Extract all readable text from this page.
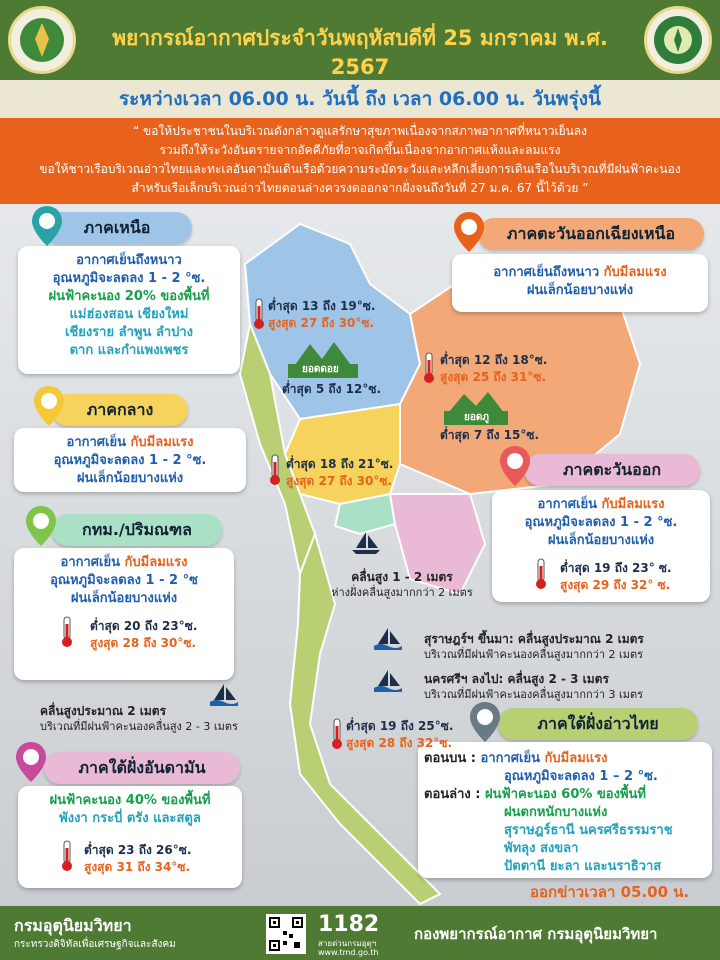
พยากรณ์อากาศประจำวันพฤหัสบดีที่ 25 มกราคม พ.ศ. 2567
ระหว่างเวลา 06.00 น. วันนี้ ถึง เวลา 06.00 น. วันพรุ่งนี้
“ ขอให้ประชาชนในบริเวณดังกล่าวดูแลรักษาสุขภาพเนื่องจากสภาพอากาศที่หนาวเย็นลง
รวมถึงให้ระวังอันตรายจากอัคคีภัยที่อาจเกิดขึ้นเนื่องจากอากาศแห้งและลมแรง
ขอให้ชาวเรือบริเวณอ่าวไทยและทะเลอันดามันเดินเรือด้วยความระมัดระวังและหลีกเลี่ยงการเดินเรือในบริเวณที่มีฝนฟ้าคะนอง
สำหรับเรือเล็กบริเวณอ่าวไทยตอนล่างควรงดออกจากฝั่งจนถึงวันที่ 27 ม.ค. 67 นี้ไว้ด้วย ”
ยอดดอย
ต่ำสุด 5 ถึง 12°ซ.
ยอดภู
ต่ำสุด 7 ถึง 15°ซ.
ภาคเหนือ
อากาศเย็นถึงหนาว
อุณหภูมิจะลดลง 1 - 2 °ซ.
ฝนฟ้าคะนอง 20% ของพื้นที่
แม่ฮ่องสอน เชียงใหม่
เชียงราย ลำพูน ลำปาง
ตาก และกำแพงเพชร
ต่ำสุด 13 ถึง 19°ซ.
สูงสุด 27 ถึง 30°ซ.
ภาคตะวันออกเฉียงเหนือ
อากาศเย็นถึงหนาว กับมีลมแรง
ฝนเล็กน้อยบางแห่ง
ต่ำสุด 12 ถึง 18°ซ.
สูงสุด 25 ถึง 31°ซ.
ภาคกลาง
อากาศเย็น กับมีลมแรง
อุณหภูมิจะลดลง 1 - 2 °ซ.
ฝนเล็กน้อยบางแห่ง
ต่ำสุด 18 ถึง 21°ซ.
สูงสุด 27 ถึง 30°ซ.
ภาคตะวันออก
อากาศเย็น กับมีลมแรง
อุณหภูมิจะลดลง 1 - 2 °ซ.
ฝนเล็กน้อยบางแห่ง
ต่ำสุด 19 ถึง 23° ซ.
สูงสุด 29 ถึง 32° ซ.
กทม./ปริมณฑล
อากาศเย็น กับมีลมแรง
อุณหภูมิจะลดลง 1 - 2 °ซ
ฝนเล็กน้อยบางแห่ง
ต่ำสุด 20 ถึง 23°ซ.
สูงสุด 28 ถึง 30°ซ.
คลื่นสูง 1 - 2 เมตร
ห่างฝั่งคลื่นสูงมากกว่า 2 เมตร
สุราษฎร์ฯ ขึ้นมา: คลื่นสูงประมาณ 2 เมตร
บริเวณที่มีฝนฟ้าคะนองคลื่นสูงมากกว่า 2 เมตร
นครศรีฯ ลงไป: คลื่นสูง 2 - 3 เมตร
บริเวณที่มีฝนฟ้าคะนองคลื่นสูงมากกว่า 3 เมตร
คลื่นสูงประมาณ 2 เมตร
บริเวณที่มีฝนฟ้าคะนองคลื่นสูง 2 - 3 เมตร	ภาคใต้ฝั่งอ่าวไทย
ตอนบน : อากาศเย็น กับมีลมแรง
อุณหภูมิจะลดลง 1 – 2 °ซ.
ตอนล่าง : ฝนฟ้าคะนอง 60% ของพื้นที่
ฝนตกหนักบางแห่ง
สุราษฎร์ธานี นครศรีธรรมราช
พัทลุง สงขลา
ปัตตานี ยะลา และนราธิวาส
ต่ำสุด 19 ถึง 25°ซ.
สูงสุด 28 ถึง 32°ซ.
ภาคใต้ฝั่งอันดามัน
ฝนฟ้าคะนอง 40% ของพื้นที่
พังงา กระบี่ ตรัง และสตูล
ต่ำสุด 23 ถึง 26°ซ.
สูงสุด 31 ถึง 34°ซ.
ออกข่าวเวลา 05.00 น.
กรมอุตุนิยมวิทยา
กระทรวงดิจิทัลเพื่อเศรษฐกิจและสังคม
1182
สายด่วนกรมอุตุฯ
www.tmd.go.th
กองพยากรณ์อากาศ กรมอุตุนิยมวิทยา
